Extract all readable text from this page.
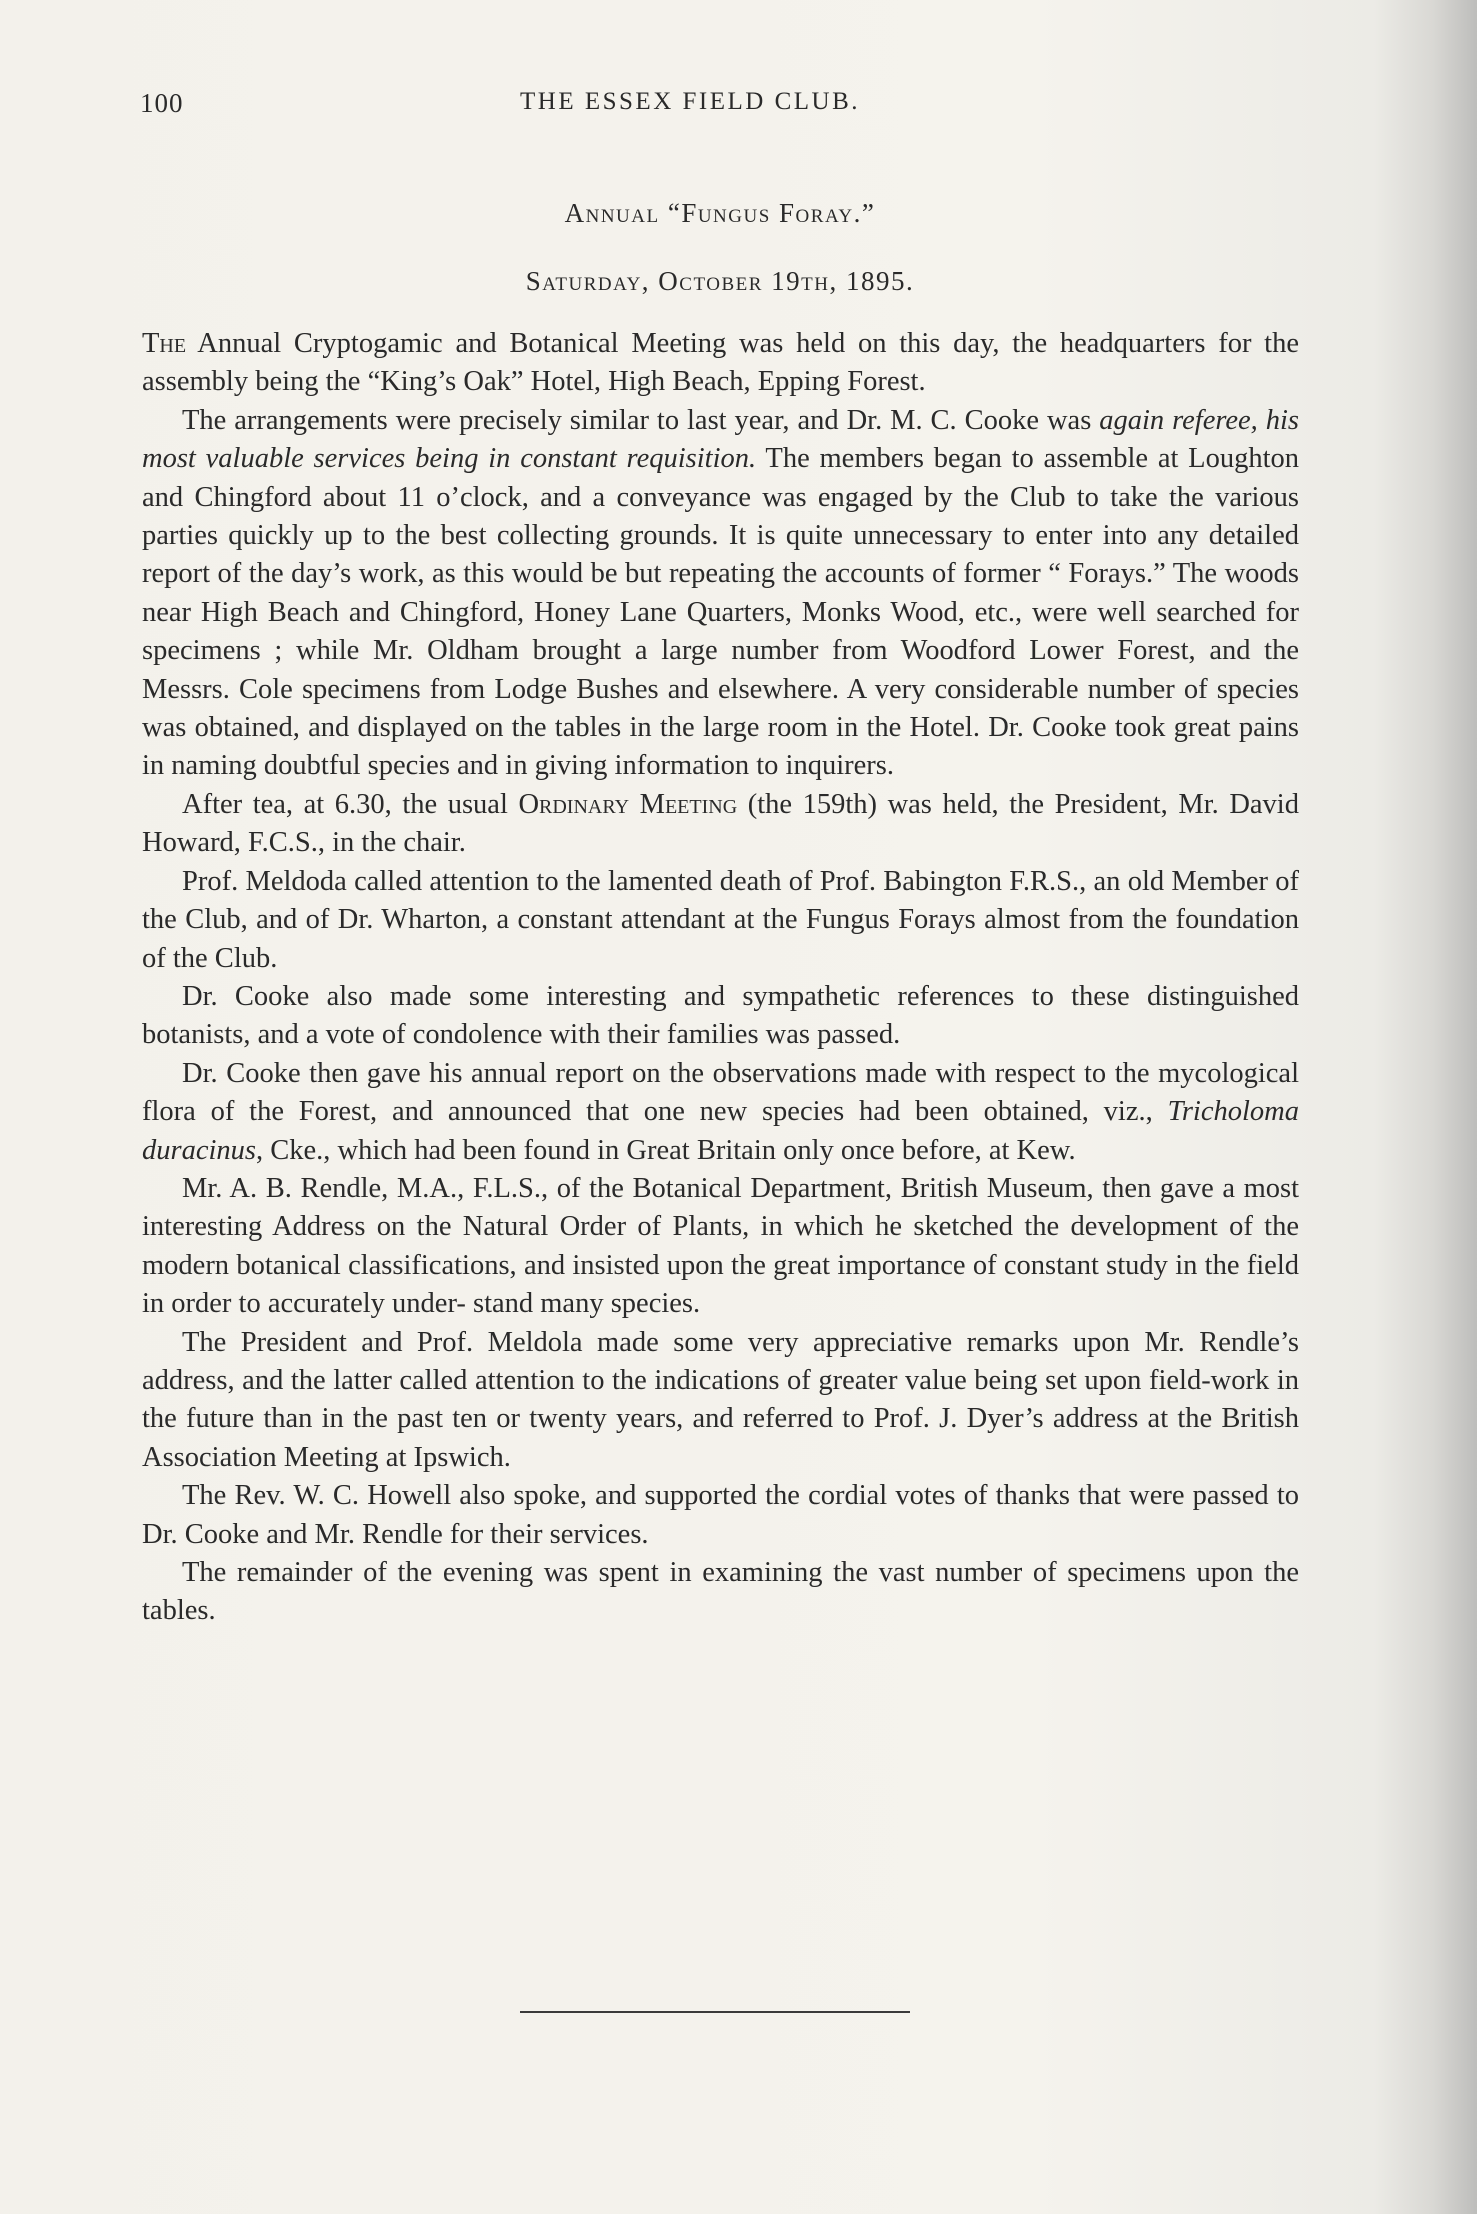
100	THE ESSEX FIELD CLUB.
Annual “Fungus Foray.”
Saturday, October 19th, 1895.

The Annual Cryptogamic and Botanical Meeting was held on this day, the headquarters for the assembly being the “King’s Oak” Hotel, High Beach, Epping Forest.

The arrangements were precisely similar to last year, and Dr. M. C. Cooke was again referee, his most valuable services being in constant requisition. The members began to assemble at Loughton and Chingford about 11 o’clock, and a conveyance was engaged by the Club to take the various parties quickly up to the best collecting grounds. It is quite unnecessary to enter into any detailed report of the day’s work, as this would be but repeating the accounts of former “ Forays.” The woods near High Beach and Chingford, Honey Lane Quarters, Monks Wood, etc., were well searched for specimens ; while Mr. Oldham brought a large number from Woodford Lower Forest, and the Messrs. Cole specimens from Lodge Bushes and elsewhere. A very considerable number of species was obtained, and displayed on the tables in the large room in the Hotel. Dr. Cooke took great pains in naming doubtful species and in giving information to inquirers.

After tea, at 6.30, the usual Ordinary Meeting (the 159th) was held, the President, Mr. David Howard, F.C.S., in the chair.

Prof. Meldoda called attention to the lamented death of Prof. Babington F.R.S., an old Member of the Club, and of Dr. Wharton, a constant attendant at the Fungus Forays almost from the foundation of the Club.

Dr. Cooke also made some interesting and sympathetic references to these distinguished botanists, and a vote of condolence with their families was passed.

Dr. Cooke then gave his annual report on the observations made with respect to the mycological flora of the Forest, and announced that one new species had been obtained, viz., Tricholoma duracinus, Cke., which had been found in Great Britain only once before, at Kew.

Mr. A. B. Rendle, M.A., F.L.S., of the Botanical Department, British Museum, then gave a most interesting Address on the Natural Order of Plants, in which he sketched the development of the modern botanical classifications, and insisted upon the great importance of constant study in the field in order to accurately under- stand many species.

The President and Prof. Meldola made some very appreciative remarks upon Mr. Rendle’s address, and the latter called attention to the indications of greater value being set upon field-work in the future than in the past ten or twenty years, and referred to Prof. J. Dyer’s address at the British Association Meeting at Ipswich.

The Rev. W. C. Howell also spoke, and supported the cordial votes of thanks that were passed to Dr. Cooke and Mr. Rendle for their services.

The remainder of the evening was spent in examining the vast number of specimens upon the tables.
